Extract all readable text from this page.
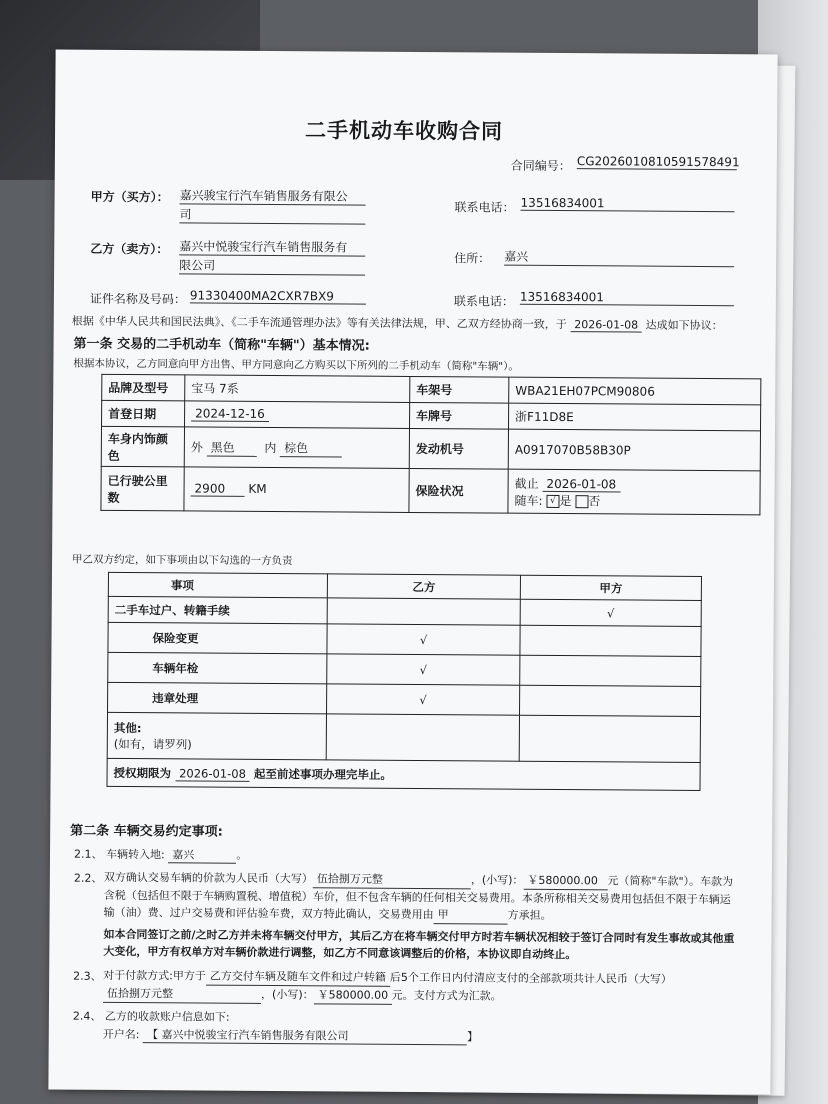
二手机动车收购合同
合同编号： CG20260108105915​78491
甲方（买方）： 嘉兴骏宝行汽车销售服务有限公
司	联系电话： 13516834001
乙方（卖方）： 嘉兴中悦骏宝行汽车销售服务有
限公司	住所： 嘉兴
证件名称及号码： 91330400MA2CXR7BX9	联系电话： 13516834001
根据《中华人民共和国民法典》、《二手车流通管理办法》等有关法律法规，甲、乙双方经协商一致，于 2026-01-08 达成如下协议：
第一条 交易的二手机动车（简称"车辆"）基本情况:
根据本协议，乙方同意向甲方出售、甲方同意向乙方购买以下所列的二手机动车（简称"车辆"）。
品牌及型号	宝马 7系	车架号	WBA21EH07PCM90806
首登日期	2024-12-16	车牌号	浙F11D8E
车身内饰颜
色	外 黑色 内 棕色	发动机号	A0917070B58B30P
已行驶公里
数	2900 KM	保险状况	截止 2026-01-08
随车: √ 是 否
甲乙双方约定，如下事项由以下勾选的一方负责
事项	乙方	甲方
二手车过户、转籍手续		√
保险变更	√	
车辆年检	√	
违章处理	√	
其他:
(如有，请罗列)		
授权期限为 2026-01-08 起至前述事项办理完毕止。		
第二条 车辆交易约定事项:
2.1、 车辆转入地: 嘉兴	。
2.2、 双方确认交易车辆的价款为人民币（大写） 伍拾捌万元整	，(小写)： ￥580000.00 元（简称"车款"）。车款为
含税（包括但不限于车辆购置税、增值税）车价，但不包含车辆的任何相关交易费用。本条所称相关交易费用包括但不限于车辆运
输（油）费、过户交易费和评估验车费，双方特此确认，交易费用由 甲	方承担。
如本合同签订之前/之时乙方并未将车辆交付甲方，其后乙方在将车辆交付甲方时若车辆状况相较于签订合同时有发生事故或其他重
大变化，甲方有权单方对车辆价款进行调整，如乙方不同意该调整后的价格，本协议即自动终止。
2.3、 对于付款方式:甲方于 乙方交付车辆及随车文件和过户转籍 后5个工作日内付清应支付的全部款项共计人民币（大写）
伍拾捌万元整	，(小写)： ￥580000.00 元。支付方式为汇款。
2.4、 乙方的收款账户信息如下:
开户名: 【 嘉兴中悦骏宝行汽车销售服务有限公司	】
